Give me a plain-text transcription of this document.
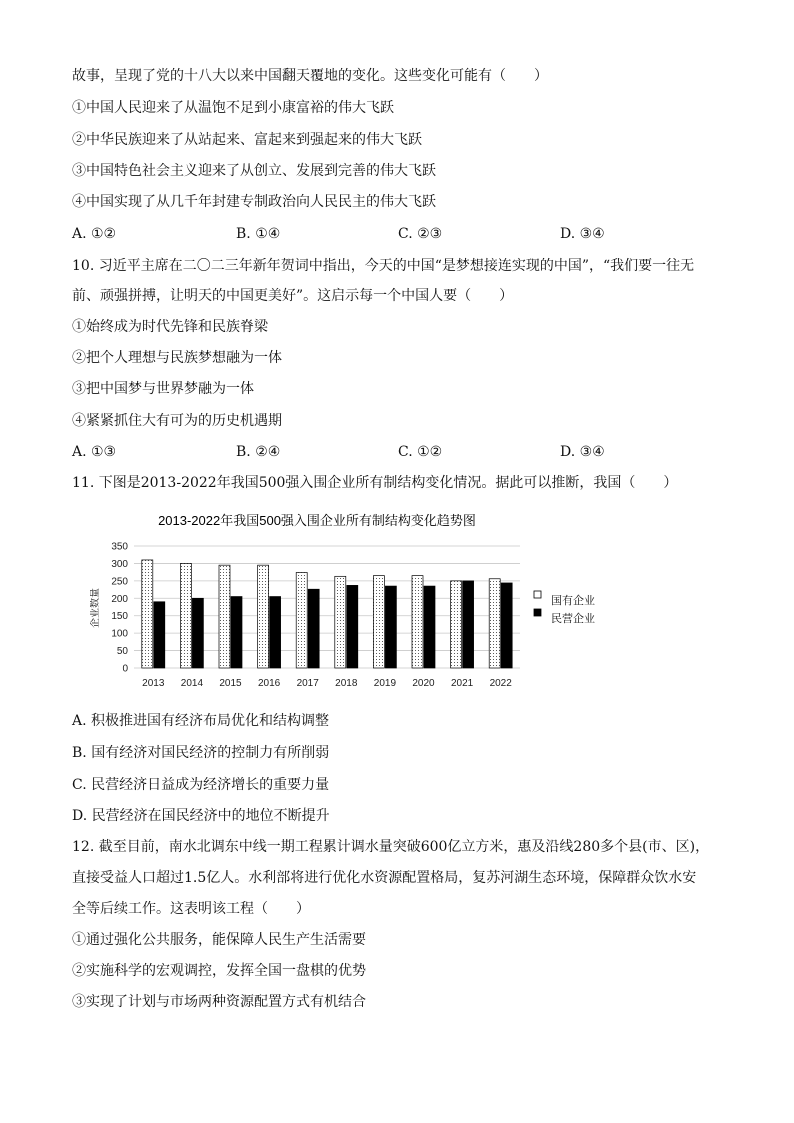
故事，呈现了党的十八大以来中国翻天覆地的变化。这些变化可能有（　　）
①中国人民迎来了从温饱不足到小康富裕的伟大飞跃
②中华民族迎来了从站起来、富起来到强起来的伟大飞跃
③中国特色社会主义迎来了从创立、发展到完善的伟大飞跃
④中国实现了从几千年封建专制政治向人民民主的伟大飞跃
A. ①②	B. ①④	C. ②③	D. ③④
10. 习近平主席在二〇二三年新年贺词中指出，今天的中国“是梦想接连实现的中国”，“我们要一往无
前、顽强拼搏，让明天的中国更美好”。这启示每一个中国人要（　　）
①始终成为时代先锋和民族脊梁
②把个人理想与民族梦想融为一体
③把中国梦与世界梦融为一体
④紧紧抓住大有可为的历史机遇期
A. ①③	B. ②④	C. ①②	D. ③④
11. 下图是2013-2022年我国500强入围企业所有制结构变化情况。据此可以推断，我国（　　）
2013-2022年我国500强入围企业所有制结构变化趋势图
企业数量
0
50
100
150
200
250
300
350
2013 2014 2015 2016 2017 2018 2019 2020 2021 2022
A. 积极推进国有经济布局优化和结构调整
B. 国有经济对国民经济的控制力有所削弱
C. 民营经济日益成为经济增长的重要力量
D. 民营经济在国民经济中的地位不断提升
12. 截至目前，南水北调东中线一期工程累计调水量突破600亿立方米，惠及沿线280多个县(市、区)，
直接受益人口超过1.5亿人。水利部将进行优化水资源配置格局，复苏河湖生态环境，保障群众饮水安
全等后续工作。这表明该工程（　　）
①通过强化公共服务，能保障人民生产生活需要
②实施科学的宏观调控，发挥全国一盘棋的优势
③实现了计划与市场两种资源配置方式有机结合
国有企业
民营企业
